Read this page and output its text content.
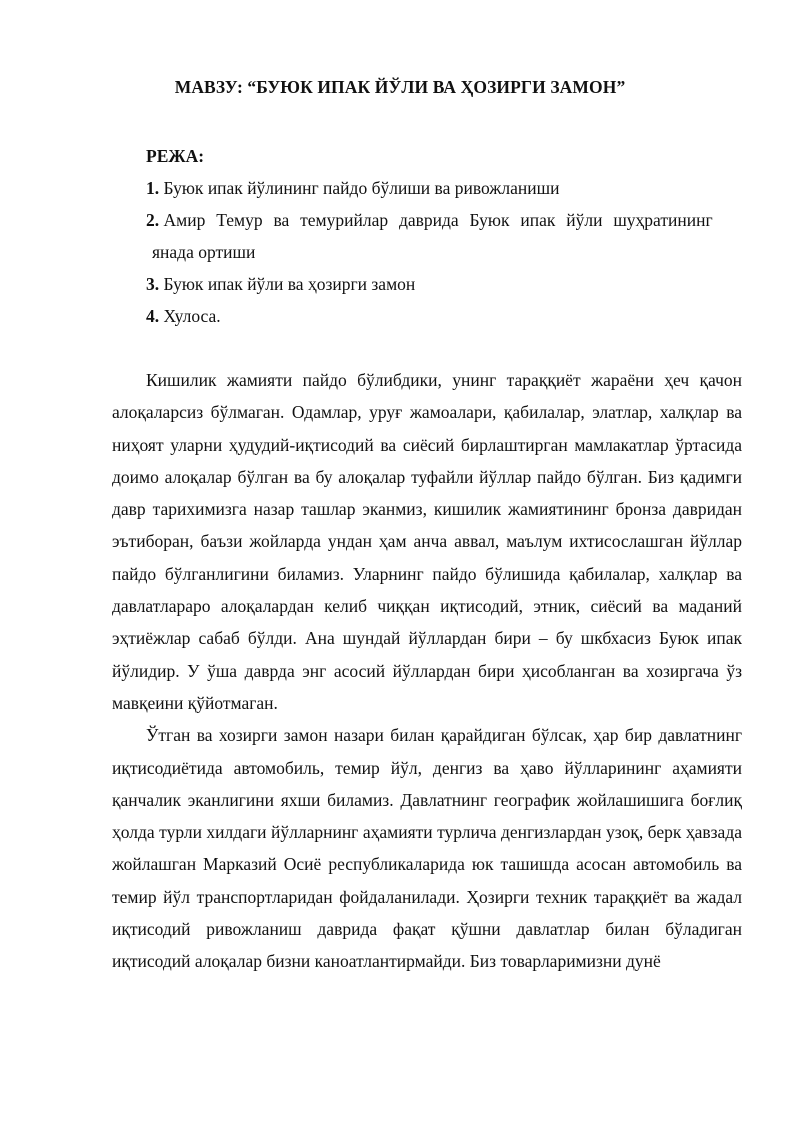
МАВЗУ: “БУЮК ИПАК ЙЎЛИ ВА ҲОЗИРГИ ЗАМОН”
РЕЖА:
1. Буюк ипак йўлининг пайдо бўлиши ва ривожланиши
2. Амир Темур ва темурийлар даврида Буюк ипак йўли шуҳратининг
янада ортиши
3. Буюк ипак йўли ва ҳозирги замон
4. Хулоса.

Кишилик жамияти пайдо бўлибдики, унинг тараққиёт жараёни ҳеч қачон алоқаларсиз бўлмаган. Одамлар, уруғ жамоалари, қабилалар, элатлар, халқлар ва ниҳоят уларни ҳудудий-иқтисодий ва сиёсий бирлаштирган мамлакатлар ўртасида доимо алоқалар бўлган ва бу алоқалар туфайли йўллар пайдо бўлган. Биз қадимги давр тарихимизга назар ташлар эканмиз, кишилик жамиятининг бронза давридан эътиборан, баъзи жойларда ундан ҳам анча аввал, маълум ихтисослашган йўллар пайдо бўлганлигини биламиз. Уларнинг пайдо бўлишида қабилалар, халқлар ва давлатлараро алоқалардан келиб чиққан иқтисодий, этник, сиёсий ва маданий эҳтиёжлар сабаб бўлди. Ана шундай йўллардан бири – бу шкбхасиз Буюк ипак йўлидир. У ўша даврда энг асосий йўллардан бири ҳисобланган ва хозиргача ўз мавқеини қўйотмаган.

Ўтган ва хозирги замон назари билан қарайдиган бўлсак, ҳар бир давлатнинг иқтисодиётида автомобиль, темир йўл, денгиз ва ҳаво йўлларининг аҳамияти қанчалик эканлигини яхши биламиз. Давлатнинг географик жойлашишига боғлиқ ҳолда турли хилдаги йўлларнинг аҳамияти турлича денгизлардан узоқ, берк ҳавзада жойлашган Марказий Осиё республикаларида юк ташишда асосан автомобиль ва темир йўл транспортларидан фойдаланилади. Ҳозирги техник тараққиёт ва жадал иқтисодий ривожланиш даврида фақат қўшни давлатлар билан бўладиган иқтисодий алоқалар бизни каноатлантирмайди. Биз товарларимизни дунё
